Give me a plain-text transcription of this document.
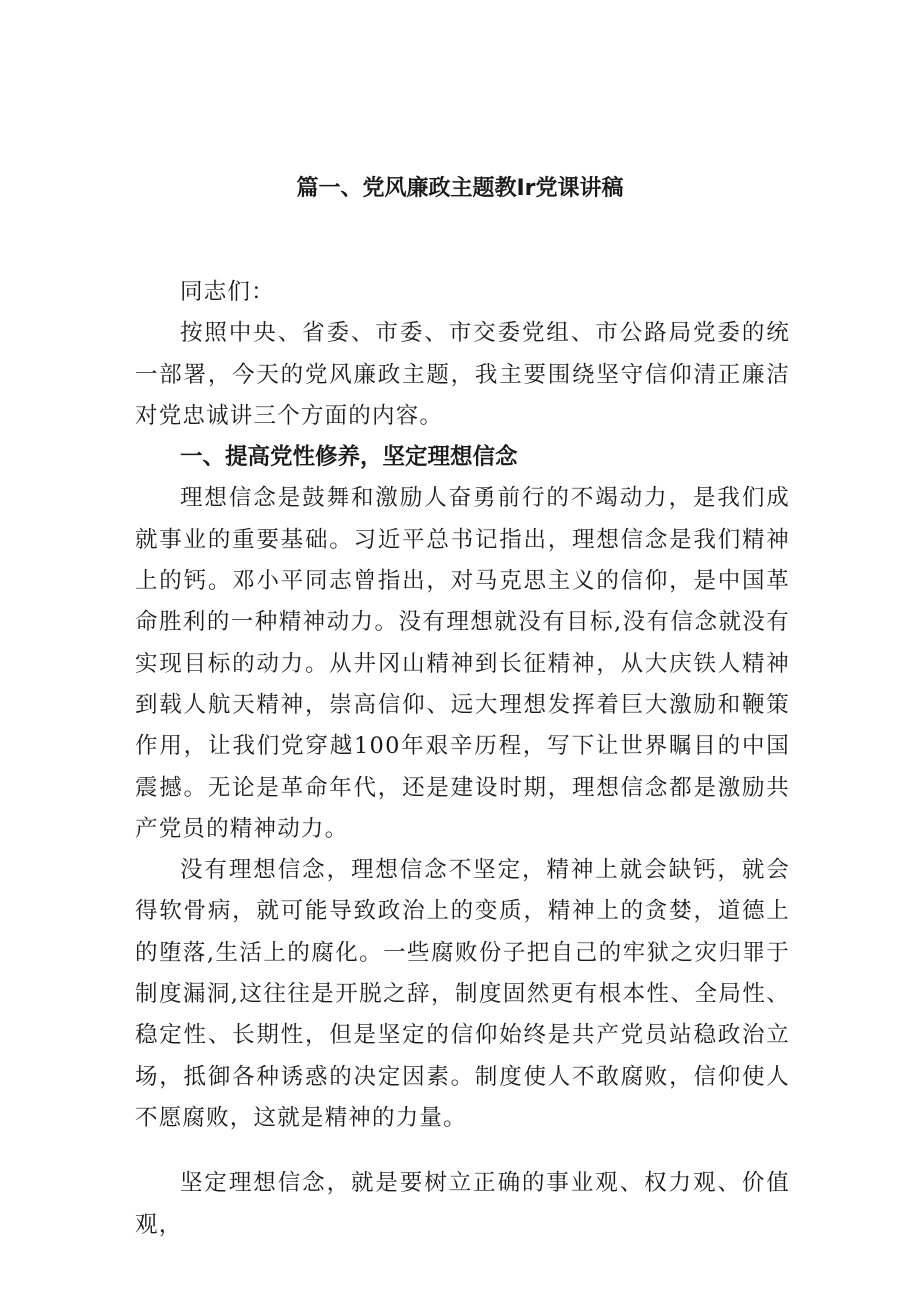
篇一、党风廉政主题教Ir党课讲稿

同志们：

按照中央、省委、市委、市交委党组、市公路局党委的统一部署，今天的党风廉政主题，我主要围绕坚守信仰清正廉洁对党忠诚讲三个方面的内容。

一、提高党性修养，坚定理想信念

理想信念是鼓舞和激励人奋勇前行的不竭动力，是我们成就事业的重要基础。习近平总书记指出，理想信念是我们精神上的钙。邓小平同志曾指出，对马克思主义的信仰，是中国革命胜利的一种精神动力。没有理想就没有目标,没有信念就没有实现目标的动力。从井冈山精神到长征精神，从大庆铁人精神到载人航天精神，崇高信仰、远大理想发挥着巨大激励和鞭策作用，让我们党穿越100年艰辛历程，写下让世界瞩目的中国震撼。无论是革命年代，还是建设时期，理想信念都是激励共产党员的精神动力。

没有理想信念，理想信念不坚定，精神上就会缺钙，就会得软骨病，就可能导致政治上的变质，精神上的贪婪，道德上的堕落,生活上的腐化。一些腐败份子把自己的牢狱之灾归罪于制度漏洞,这往往是开脱之辞，制度固然更有根本性、全局性、稳定性、长期性，但是坚定的信仰始终是共产党员站稳政治立场，抵御各种诱惑的决定因素。制度使人不敢腐败，信仰使人不愿腐败，这就是精神的力量。

坚定理想信念，就是要树立正确的事业观、权力观、价值观，
